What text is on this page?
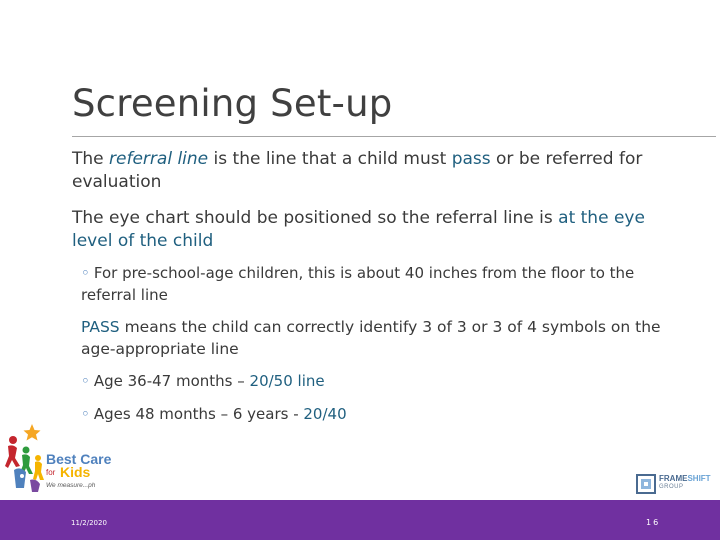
Screening Set-up
The referral line is the line that a child must pass or be referred for evaluation
The eye chart should be positioned so the referral line is at the eye level of the child
◦ For pre-school-age children, this is about 40 inches from the floor to the referral line
PASS means the child can correctly identify 3 of 3 or 3 of 4 symbols on the age-appropriate line
◦ Age 36-47 months – 20/50 line
◦ Ages 48 months – 6 years - 20/40
Best Care
for Kids
We measure...ph
FRAMESHIFT
GROUP
11/2/2020	16
